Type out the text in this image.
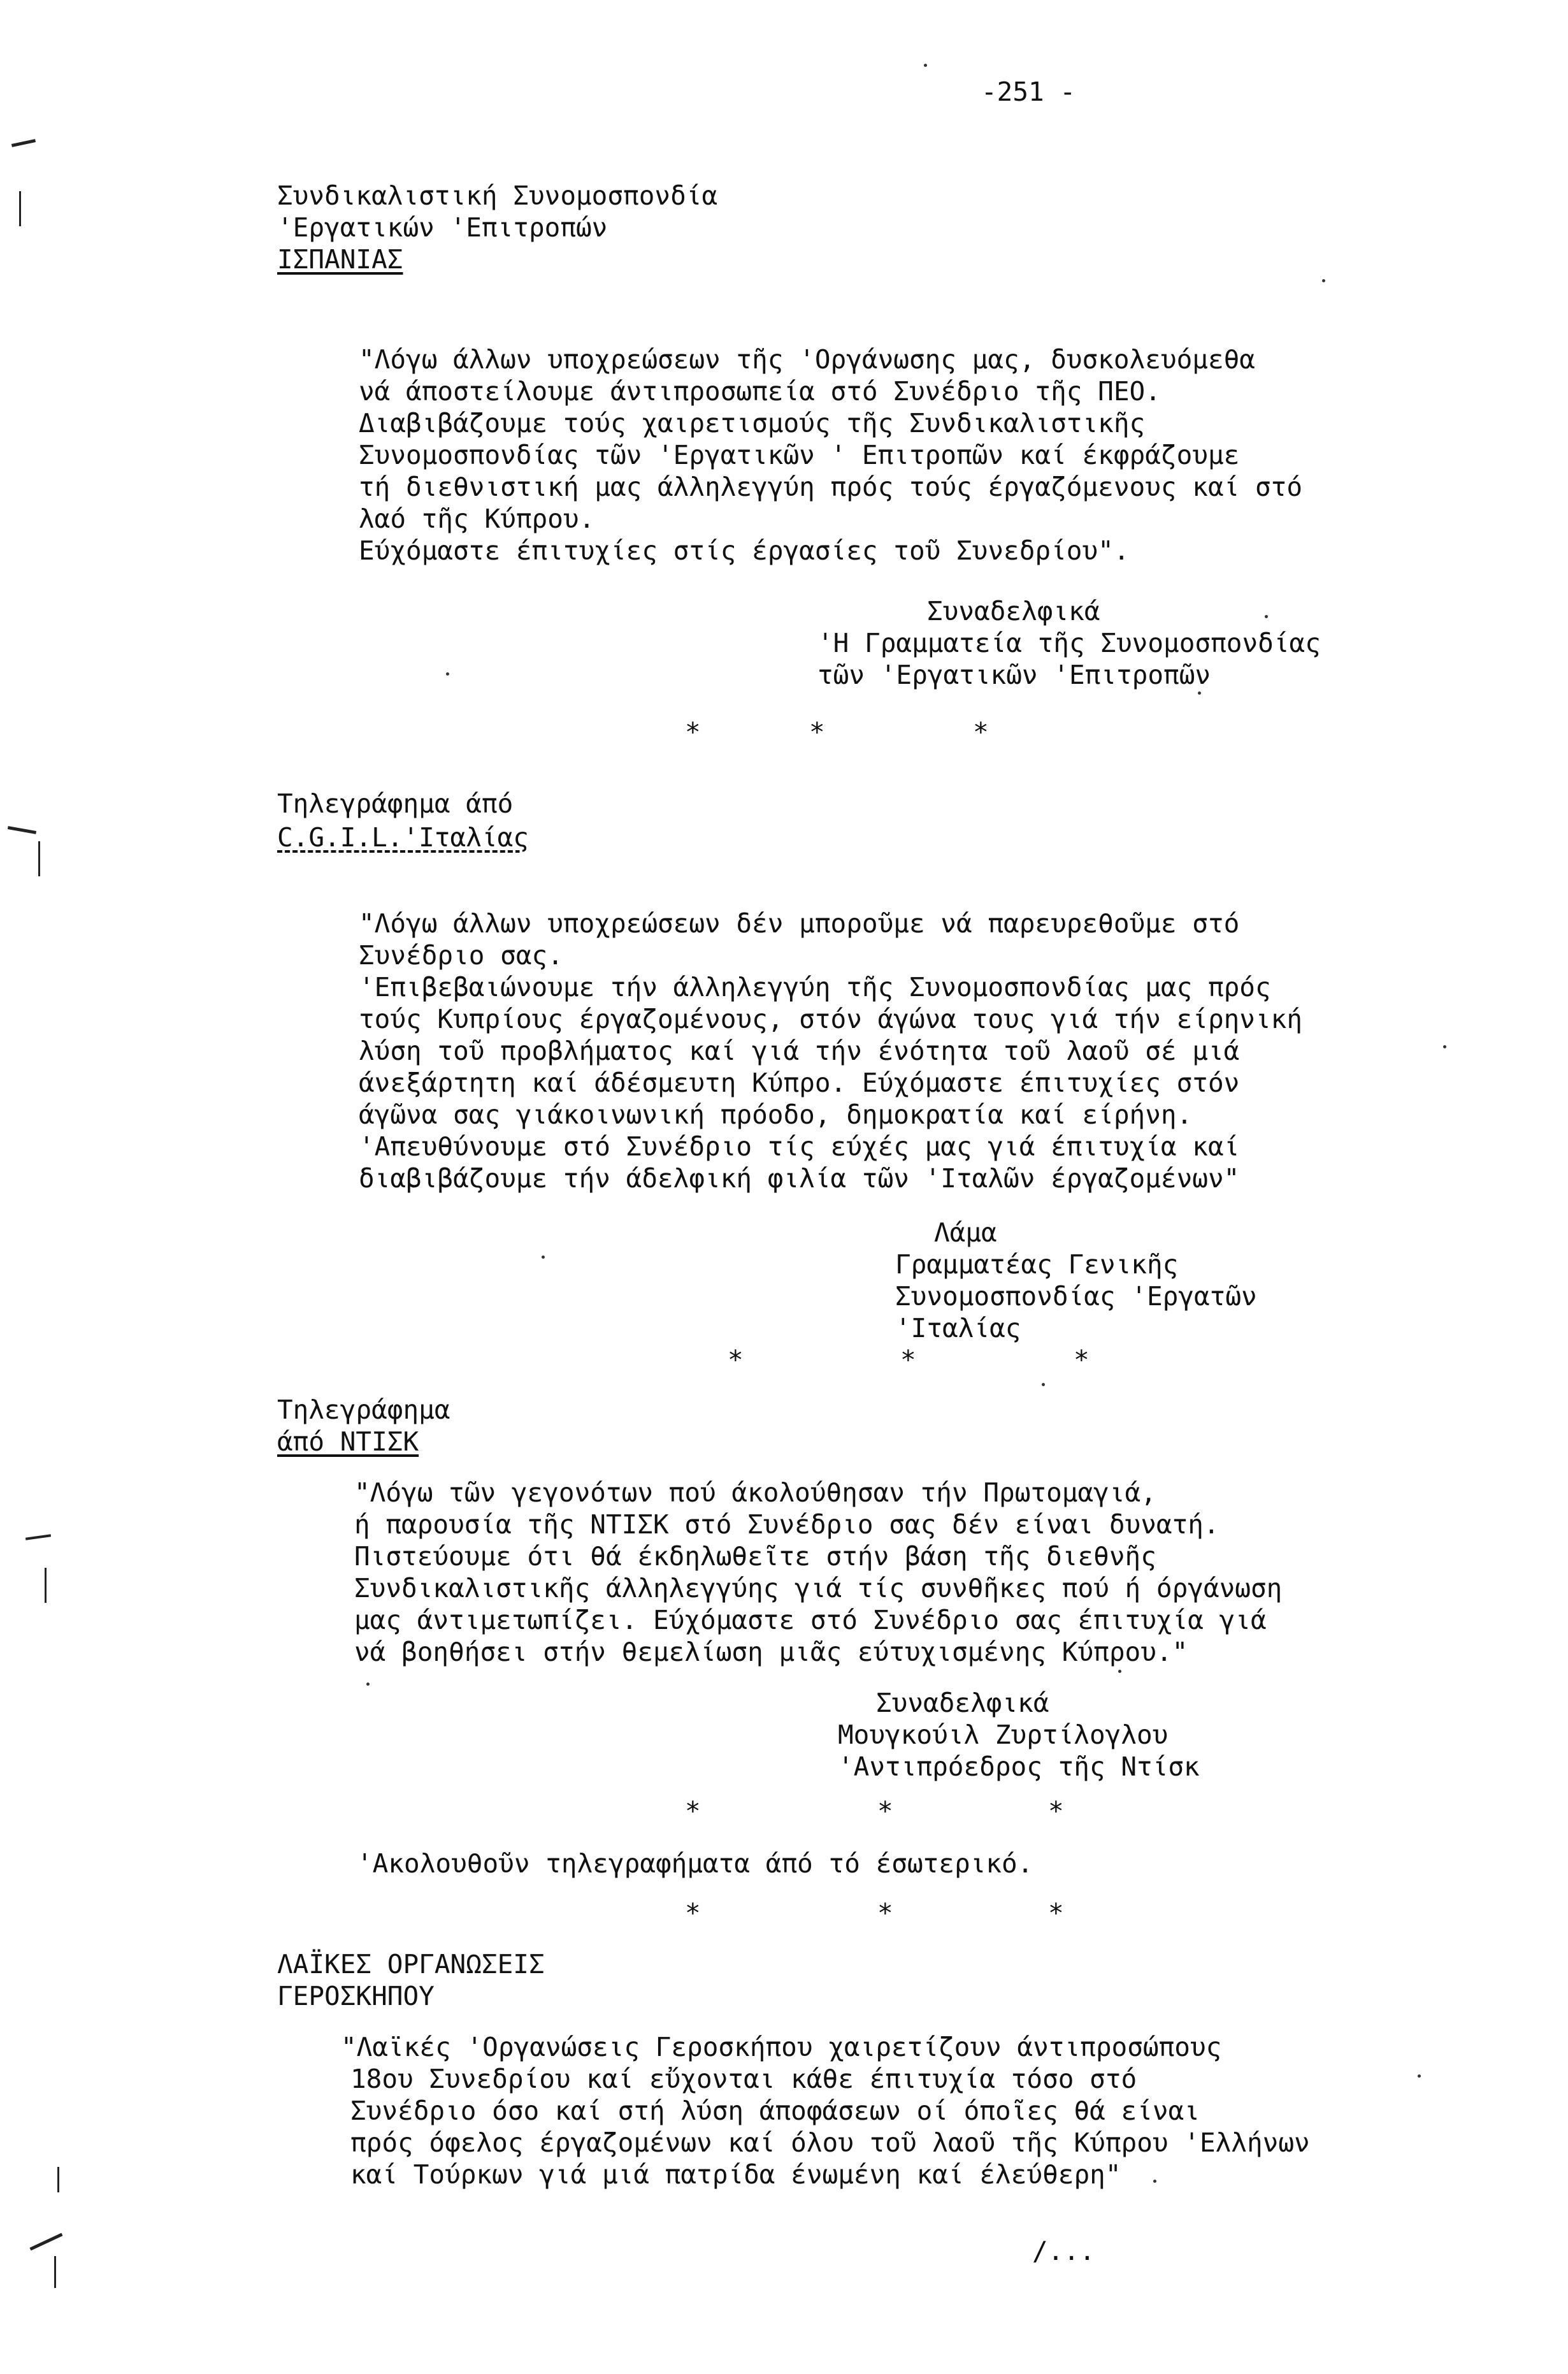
-251 -
Συνδικαλιστική Συνομοσπονδία
'Εργατικών 'Επιτροπών
ΙΣΠΑΝΙΑΣ
"Λόγω άλλων υποχρεώσεων τῆς 'Οργάνωσης μας, δυσκολευόμεθα
νά άποστείλουμε άντιπροσωπεία στό Συνέδριο τῆς ΠΕΟ.
Διαβιβάζουμε τούς χαιρετισμούς τῆς Συνδικαλιστικῆς
Συνομοσπονδίας τῶν 'Εργατικῶν ' Επιτροπῶν καί έκφράζουμε
τή διεθνιστική μας άλληλεγγύη πρός τούς έργαζόμενους καί στό
λαό τῆς Κύπρου.
Εύχόμαστε έπιτυχίες στίς έργασίες τοῦ Συνεδρίου".
Συναδελφικά
'Η Γραμματεία τῆς Συνομοσπονδίας
τῶν 'Εργατικῶν 'Επιτροπῶν
*	*	*
Τηλεγράφημα άπό
C.G.I.L.'Ιταλίας
"Λόγω άλλων υποχρεώσεων δέν μποροῦμε νά παρευρεθοῦμε στό
Συνέδριο σας.
'Επιβεβαιώνουμε τήν άλληλεγγύη τῆς Συνομοσπονδίας μας πρός
τούς Κυπρίους έργαζομένους, στόν άγώνα τους γιά τήν είρηνική
λύση τοῦ προβλήματος καί γιά τήν ένότητα τοῦ λαοῦ σέ μιά
άνεξάρτητη καί άδέσμευτη Κύπρο. Εύχόμαστε έπιτυχίες στόν
άγῶνα σας γιάκοινωνική πρόοδο, δημοκρατία καί είρήνη.
'Απευθύνουμε στό Συνέδριο τίς εύχές μας γιά έπιτυχία καί
διαβιβάζουμε τήν άδελφική φιλία τῶν 'Ιταλῶν έργαζομένων"
Λάμα
Γραμματέας Γενικῆς
Συνομοσπονδίας 'Εργατῶν
'Ιταλίας
*	*	*
Τηλεγράφημα
άπό ΝΤΙΣΚ
"Λόγω τῶν γεγονότων πού άκολούθησαν τήν Πρωτομαγιά,
ή παρουσία τῆς ΝΤΙΣΚ στό Συνέδριο σας δέν είναι δυνατή.
Πιστεύουμε ότι θά έκδηλωθεῖτε στήν βάση τῆς διεθνῆς
Συνδικαλιστικῆς άλληλεγγύης γιά τίς συνθῆκες πού ή όργάνωση
μας άντιμετωπίζει. Εύχόμαστε στό Συνέδριο σας έπιτυχία γιά
νά βοηθήσει στήν θεμελίωση μιᾶς εύτυχισμένης Κύπρου."
Συναδελφικά
Μουγκούιλ Ζυρτίλογλου
'Αντιπρόεδρος τῆς Ντίσκ
*	*	*
'Ακολουθοῦν τηλεγραφήματα άπό τό έσωτερικό.
*	*	*
ΛΑΪΚΕΣ ΟΡΓΑΝΩΣΕΙΣ
ΓΕΡΟΣΚΗΠΟΥ
"Λαϊκές 'Οργανώσεις Γεροσκήπου χαιρετίζουν άντιπροσώπους
18ου Συνεδρίου καί εὔχονται κάθε έπιτυχία τόσο στό
Συνέδριο όσο καί στή λύση άποφάσεων οί όποῖες θά είναι
πρός όφελος έργαζομένων καί όλου τοῦ λαοῦ τῆς Κύπρου 'Ελλήνων
καί Τούρκων γιά μιά πατρίδα ένωμένη καί έλεύθερη"
/...
